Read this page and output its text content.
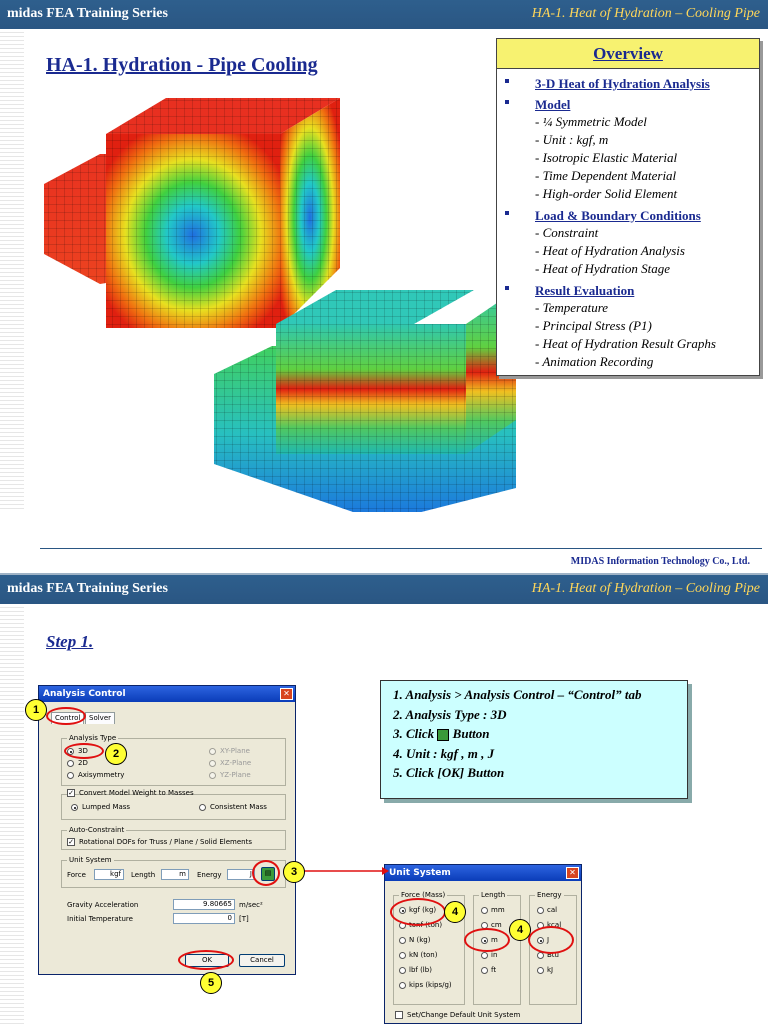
midas FEA Training Series	HA-1. Heat of Hydration – Cooling Pipe
HA-1. Hydration - Pipe Cooling
Overview
3-D Heat of Hydration Analysis
Model
- ¼ Symmetric Model
- Unit : kgf, m
- Isotropic Elastic Material
- Time Dependent Material
- High-order Solid Element
Load & Boundary Conditions
- Constraint
- Heat of Hydration Analysis
- Heat of Hydration Stage
Result Evaluation
- Temperature
- Principal Stress (P1)
- Heat of Hydration Result Graphs
- Animation Recording
MIDAS Information Technology Co., Ltd.
midas FEA Training Series	HA-1. Heat of Hydration – Cooling Pipe
Step 1.
Analysis Control	✕
Control	Solver
Analysis Type
3D
2D
Axisymmetry
XY-Plane
XZ-Plane
YZ-Plane
✓ Convert Model Weight to Masses
Lumped Mass	Consistent Mass
Auto-Constraint
✓ Rotational DOFs for Truss / Plane / Solid Elements
Unit System
Force	kgf	Length	m	Energy	J	▤
Gravity Acceleration	9.80665	m/sec²
Initial Temperature	0	[T]
OK	Cancel
Unit System	✕
Force (Mass)
kgf (kg)
tonf (ton)
N (kg)
kN (ton)
lbf (lb)
kips (kips/g)
Length
mm
cm
m
in
ft
Energy
cal
kcal
J
Btu
kJ
Set/Change Default Unit System
1. Analysis > Analysis Control – “Control” tab
2. Analysis Type : 3D
3. Click Button
4. Unit : kgf , m , J
5. Click [OK] Button
1
2
3
4
4
5
